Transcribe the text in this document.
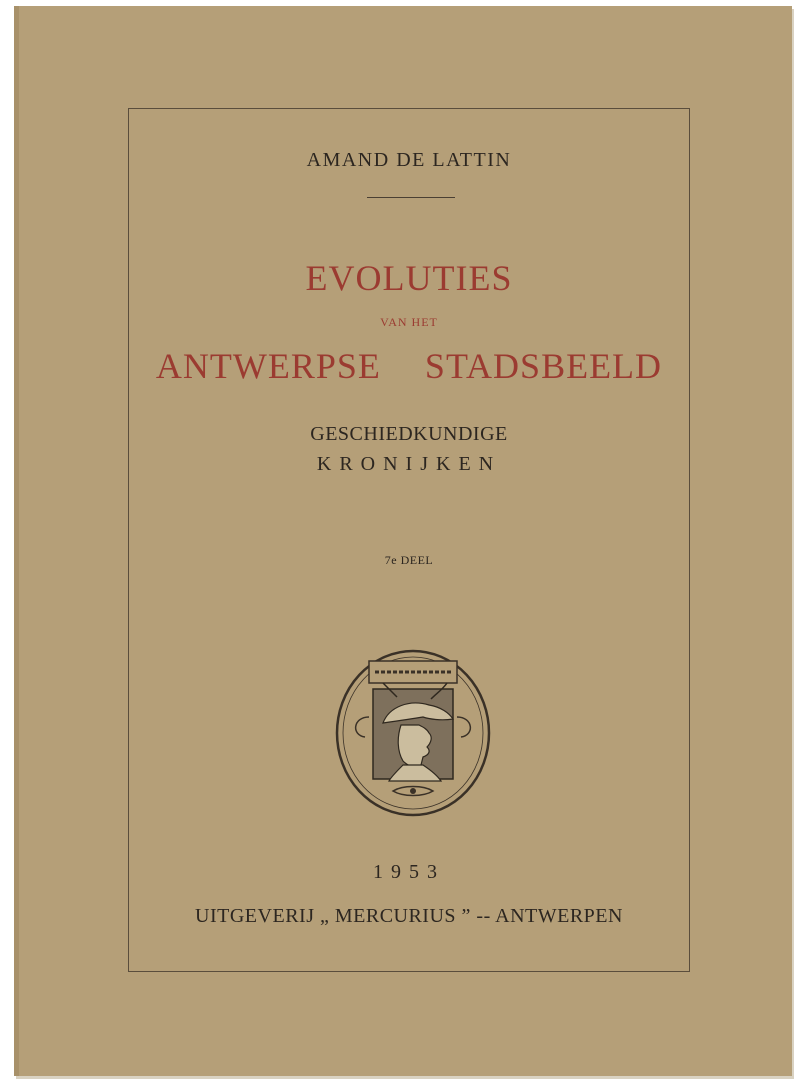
AMAND DE LATTIN
EVOLUTIES
VAN HET
ANTWERPSE  STADSBEELD
GESCHIEDKUNDIGE
KRONIJKEN
7e DEEL
1953
UITGEVERIJ „ MERCURIUS ” -- ANTWERPEN
